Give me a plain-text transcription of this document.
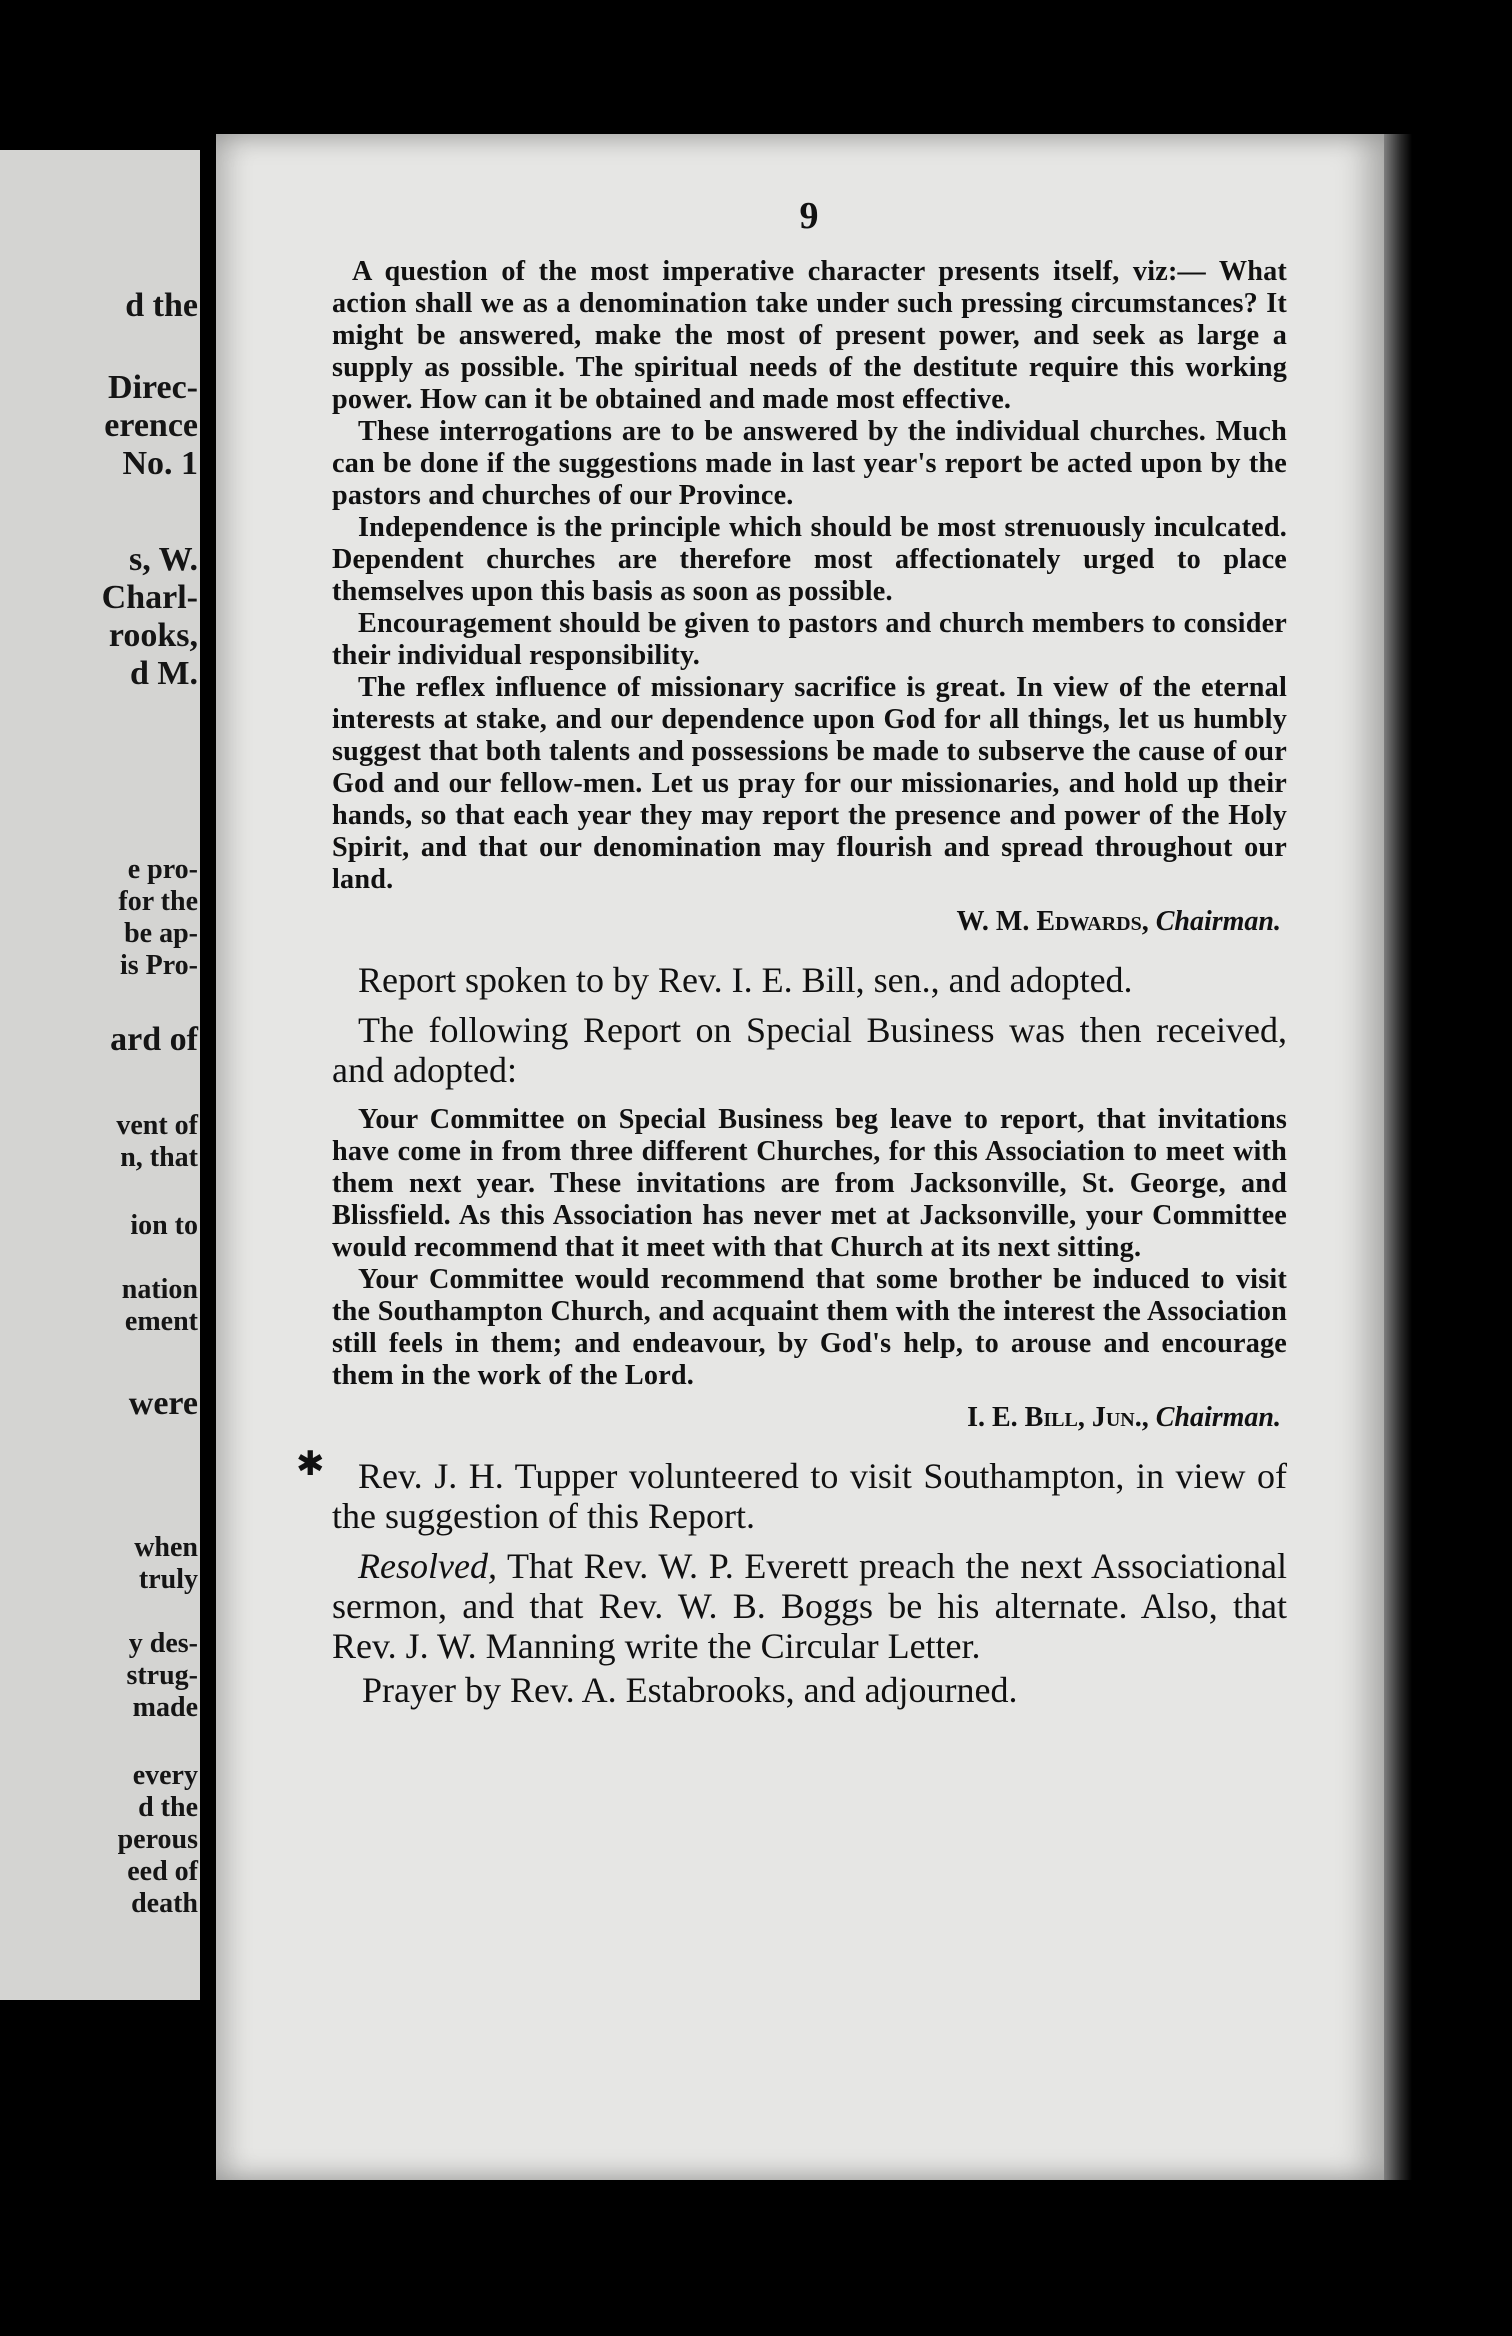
d the

Direc-

erence

No. 1

s, W.

Charl-

rooks,

d M.

e pro-

for the

be ap-

is Pro-

ard of

vent of

n, that

ion to

nation

ement

were

when

truly

y des-

strug-

made

every

d the

perous

eed of

death

9

A question of the most imperative character presents itself, viz:— What action shall we as a denomination take under such pressing circumstances? It might be answered, make the most of present power, and seek as large a supply as possible. The spiritual needs of the destitute require this working power. How can it be obtained and made most effective.

These interrogations are to be answered by the individual churches. Much can be done if the suggestions made in last year's report be acted upon by the pastors and churches of our Province.

Independence is the principle which should be most strenuously inculcated. Dependent churches are therefore most affectionately urged to place themselves upon this basis as soon as possible.

Encouragement should be given to pastors and church members to consider their individual responsibility.

The reflex influence of missionary sacrifice is great. In view of the eternal interests at stake, and our dependence upon God for all things, let us humbly suggest that both talents and possessions be made to subserve the cause of our God and our fellow-men. Let us pray for our missionaries, and hold up their hands, so that each year they may report the presence and power of the Holy Spirit, and that our denomination may flourish and spread throughout our land.

W. M. Edwards, Chairman.

Report spoken to by Rev. I. E. Bill, sen., and adopted.

The following Report on Special Business was then received, and adopted:

Your Committee on Special Business beg leave to report, that invitations have come in from three different Churches, for this Association to meet with them next year. These invitations are from Jacksonville, St. George, and Blissfield. As this Association has never met at Jacksonville, your Committee would recommend that it meet with that Church at its next sitting.

Your Committee would recommend that some brother be induced to visit the Southampton Church, and acquaint them with the interest the Association still feels in them; and endeavour, by God's help, to arouse and encourage them in the work of the Lord.

I. E. Bill, Jun., Chairman.

Rev. J. H. Tupper volunteered to visit Southampton, in view of the suggestion of this Report.

Resolved, That Rev. W. P. Everett preach the next Associational sermon, and that Rev. W. B. Boggs be his alternate. Also, that Rev. J. W. Manning write the Circular Letter.

Prayer by Rev. A. Estabrooks, and adjourned.

✱
